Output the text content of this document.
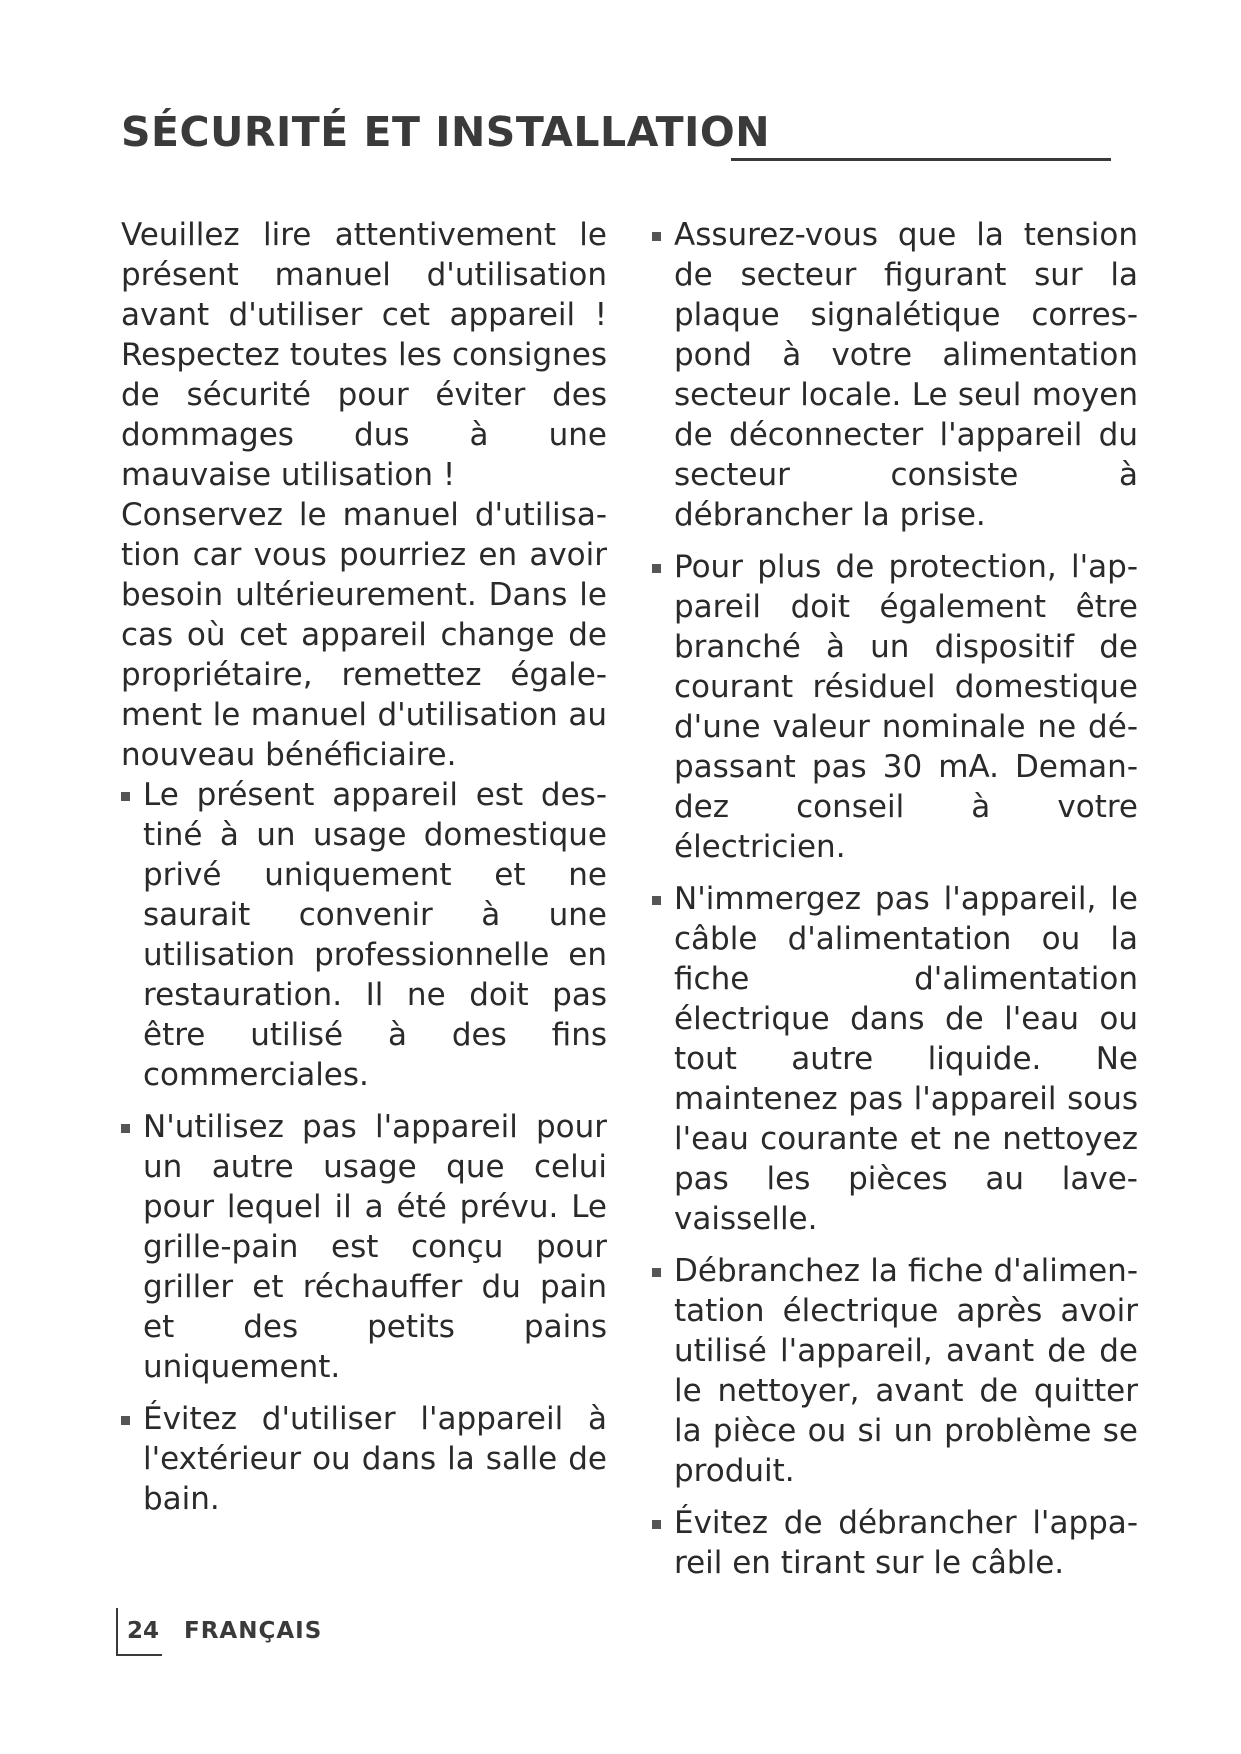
SÉCURITÉ ET INSTALLATION

Veuillez lire attentivement le présent manuel d'utilisation avant d'utiliser cet appareil ! Respectez toutes les consignes de sécurité pour éviter des dommages dus à une mauvaise utilisation !

Conservez le manuel d'utilisation car vous pourriez en avoir besoin ultérieurement. Dans le cas où cet appareil change de propriétaire, remettez également le manuel d'utilisation au nouveau bénéficiaire.

Le présent appareil est destiné à un usage domestique privé uniquement et ne saurait convenir à une utilisation professionnelle en restauration. Il ne doit pas être utilisé à des fins commerciales.
N'utilisez pas l'appareil pour un autre usage que celui pour lequel il a été prévu. Le grille-pain est conçu pour griller et réchauffer du pain et des petits pains uniquement.
Évitez d'utiliser l'appareil à l'extérieur ou dans la salle de bain.
Assurez-vous que la tension de secteur figurant sur la plaque signalétique correspond à votre alimentation secteur locale. Le seul moyen de déconnecter l'appareil du secteur consiste à débrancher la prise.
Pour plus de protection, l'appareil doit également être branché à un dispositif de courant résiduel domestique d'une valeur nominale ne dépassant pas 30 mA. Demandez conseil à votre électricien.
N'immergez pas l'appareil, le câble d'alimentation ou la fiche d'alimentation électrique dans de l'eau ou tout autre liquide. Ne maintenez pas l'appareil sous l'eau courante et ne nettoyez pas les pièces au lave-vaisselle.
Débranchez la fiche d'alimentation électrique après avoir utilisé l'appareil, avant de de le nettoyer, avant de quitter la pièce ou si un problème se produit.
Évitez de débrancher l'appareil en tirant sur le câble.
24 FRANÇAIS
